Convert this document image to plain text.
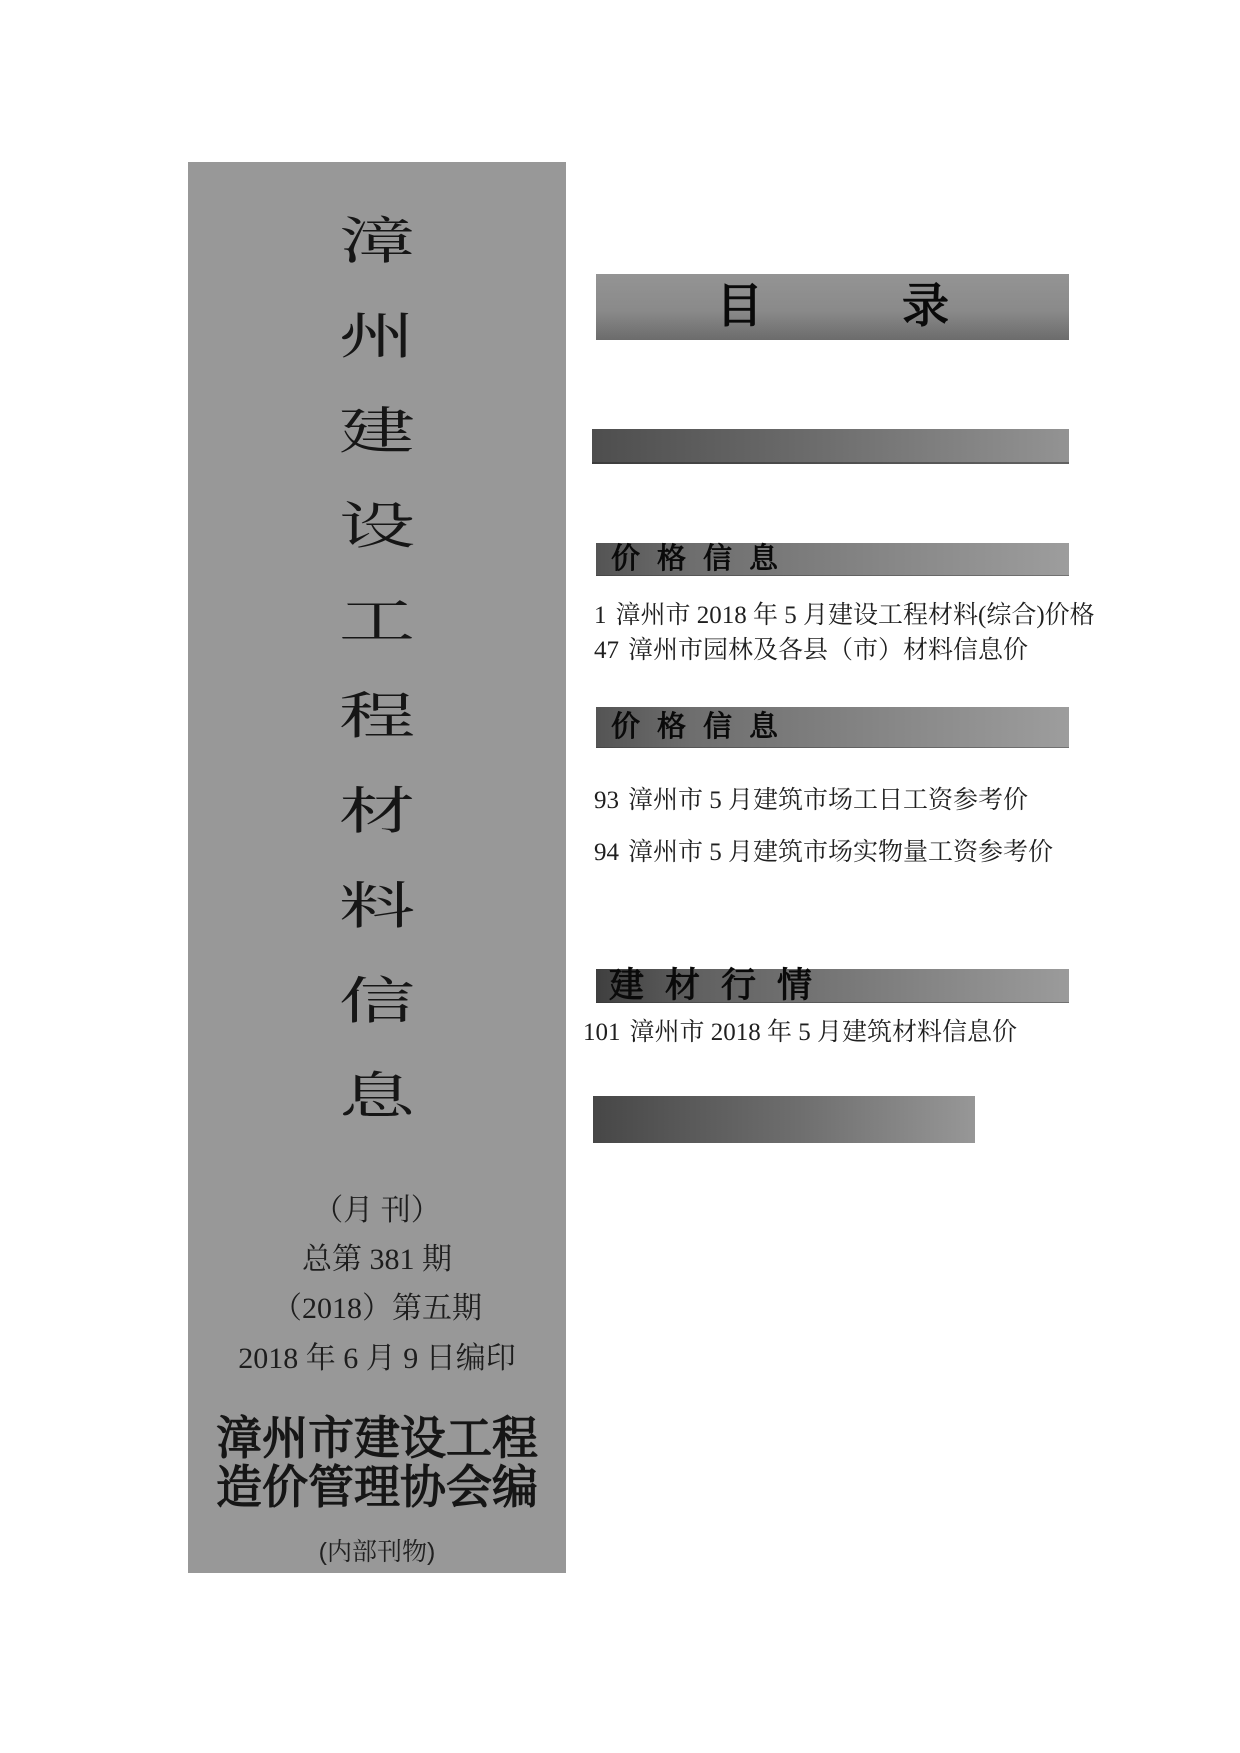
漳
州
建
设
工
程
材
料
信
息
（月 刊）
总第 381 期
（2018）第五期
2018 年 6 月 9 日编印
漳州市建设工程
造价管理协会编
(内部刊物)
目录
价格信息
1 漳州市 2018 年 5 月建设工程材料(综合)价格
47 漳州市园林及各县（市）材料信息价
价格信息
93 漳州市 5 月建筑市场工日工资参考价
94 漳州市 5 月建筑市场实物量工资参考价
建材行情
101 漳州市 2018 年 5 月建筑材料信息价
